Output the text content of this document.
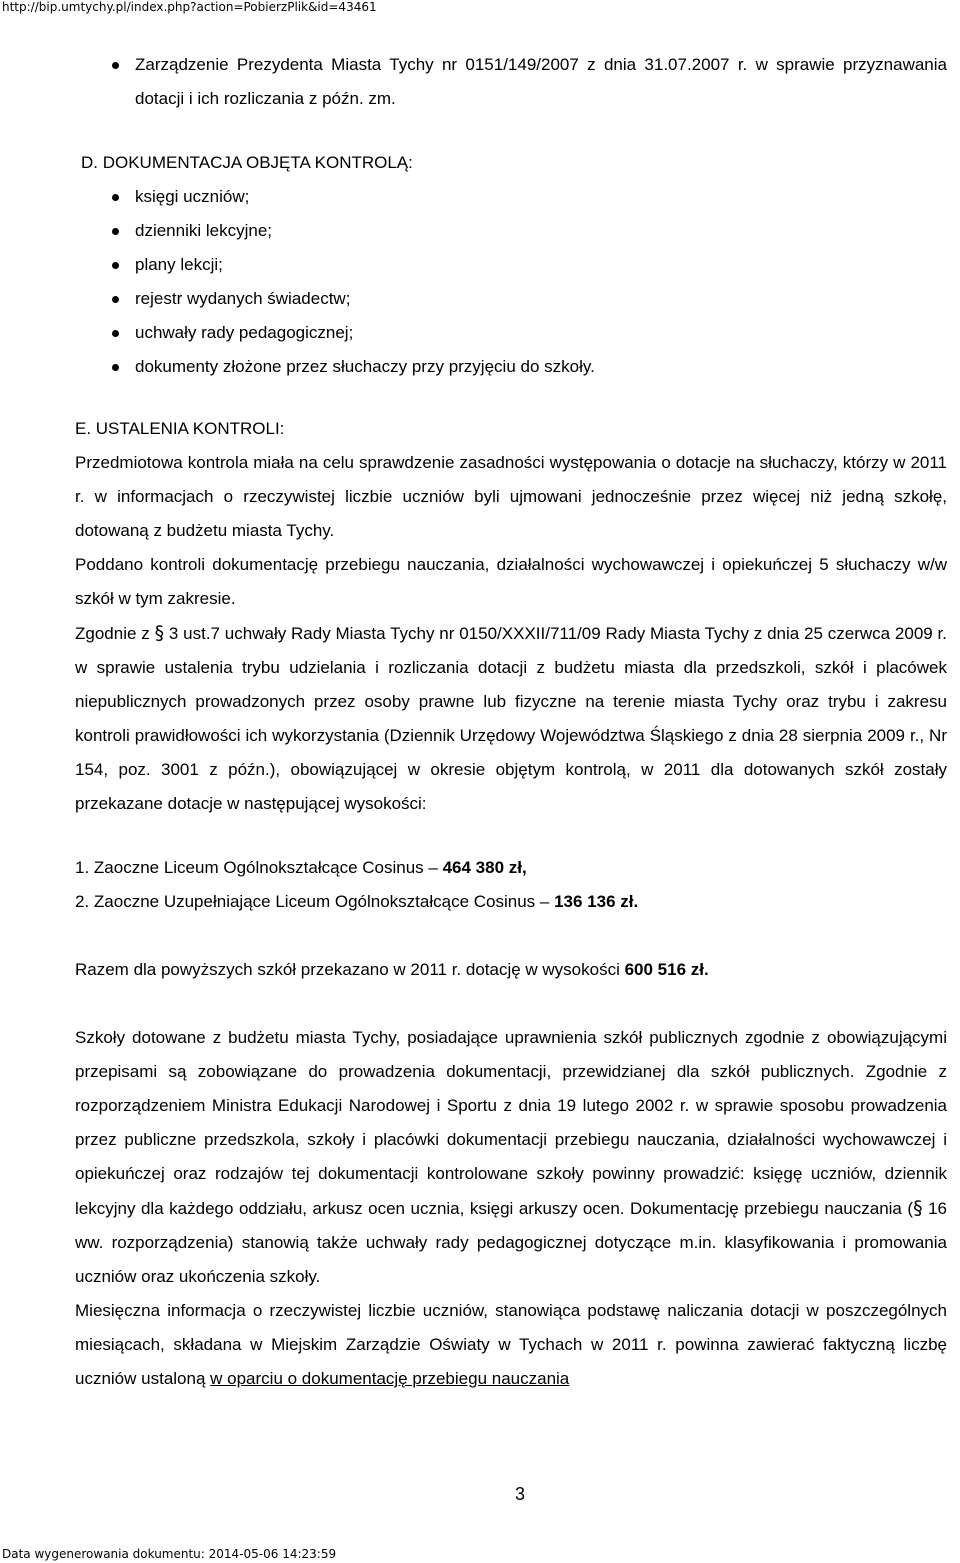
http://bip.umtychy.pl/index.php?action=PobierzPlik&id=43461
Zarządzenie Prezydenta Miasta Tychy nr 0151/149/2007 z dnia 31.07.2007 r. w sprawie przyznawania dotacji i ich rozliczania z późn. zm.
D. DOKUMENTACJA OBJĘTA KONTROLĄ:
księgi uczniów;
dzienniki lekcyjne;
plany lekcji;
rejestr wydanych świadectw;
uchwały rady pedagogicznej;
dokumenty złożone przez słuchaczy przy przyjęciu do szkoły.
E. USTALENIA KONTROLI:

Przedmiotowa kontrola miała na celu sprawdzenie zasadności występowania o dotacje na słuchaczy, którzy w 2011 r. w informacjach o rzeczywistej liczbie uczniów byli ujmowani jednocześnie przez więcej niż jedną szkołę, dotowaną z budżetu miasta Tychy.

Poddano kontroli dokumentację przebiegu nauczania, działalności wychowawczej i opiekuńczej 5 słuchaczy w/w szkół w tym zakresie.

Zgodnie z § 3 ust.7 uchwały Rady Miasta Tychy nr 0150/XXXII/711/09 Rady Miasta Tychy z dnia 25 czerwca 2009 r. w sprawie ustalenia trybu udzielania i rozliczania dotacji z budżetu miasta dla przedszkoli, szkół i placówek niepublicznych prowadzonych przez osoby prawne lub fizyczne na terenie miasta Tychy oraz trybu i zakresu kontroli prawidłowości ich wykorzystania (Dziennik Urzędowy Województwa Śląskiego z dnia 28 sierpnia 2009 r., Nr 154, poz. 3001 z późn.), obowiązującej w okresie objętym kontrolą, w 2011 dla dotowanych szkół zostały przekazane dotacje w następującej wysokości:

1. Zaoczne Liceum Ogólnokształcące Cosinus – 464 380 zł,
2. Zaoczne Uzupełniające Liceum Ogólnokształcące Cosinus – 136 136 zł.
Razem dla powyższych szkół przekazano w 2011 r. dotację w wysokości 600 516 zł.

Szkoły dotowane z budżetu miasta Tychy, posiadające uprawnienia szkół publicznych zgodnie z obowiązującymi przepisami są zobowiązane do prowadzenia dokumentacji, przewidzianej dla szkół publicznych. Zgodnie z rozporządzeniem Ministra Edukacji Narodowej i Sportu z dnia 19 lutego 2002 r. w sprawie sposobu prowadzenia przez publiczne przedszkola, szkoły i placówki dokumentacji przebiegu nauczania, działalności wychowawczej i opiekuńczej oraz rodzajów tej dokumentacji kontrolowane szkoły powinny prowadzić: księgę uczniów, dziennik lekcyjny dla każdego oddziału, arkusz ocen ucznia, księgi arkuszy ocen. Dokumentację przebiegu nauczania (§ 16 ww. rozporządzenia) stanowią także uchwały rady pedagogicznej dotyczące m.in. klasyfikowania i promowania uczniów oraz ukończenia szkoły.

Miesięczna informacja o rzeczywistej liczbie uczniów, stanowiąca podstawę naliczania dotacji w poszczególnych miesiącach, składana w Miejskim Zarządzie Oświaty w Tychach w 2011 r. powinna zawierać faktyczną liczbę uczniów ustaloną w oparciu o dokumentację przebiegu nauczania

3
Data wygenerowania dokumentu: 2014-05-06 14:23:59
